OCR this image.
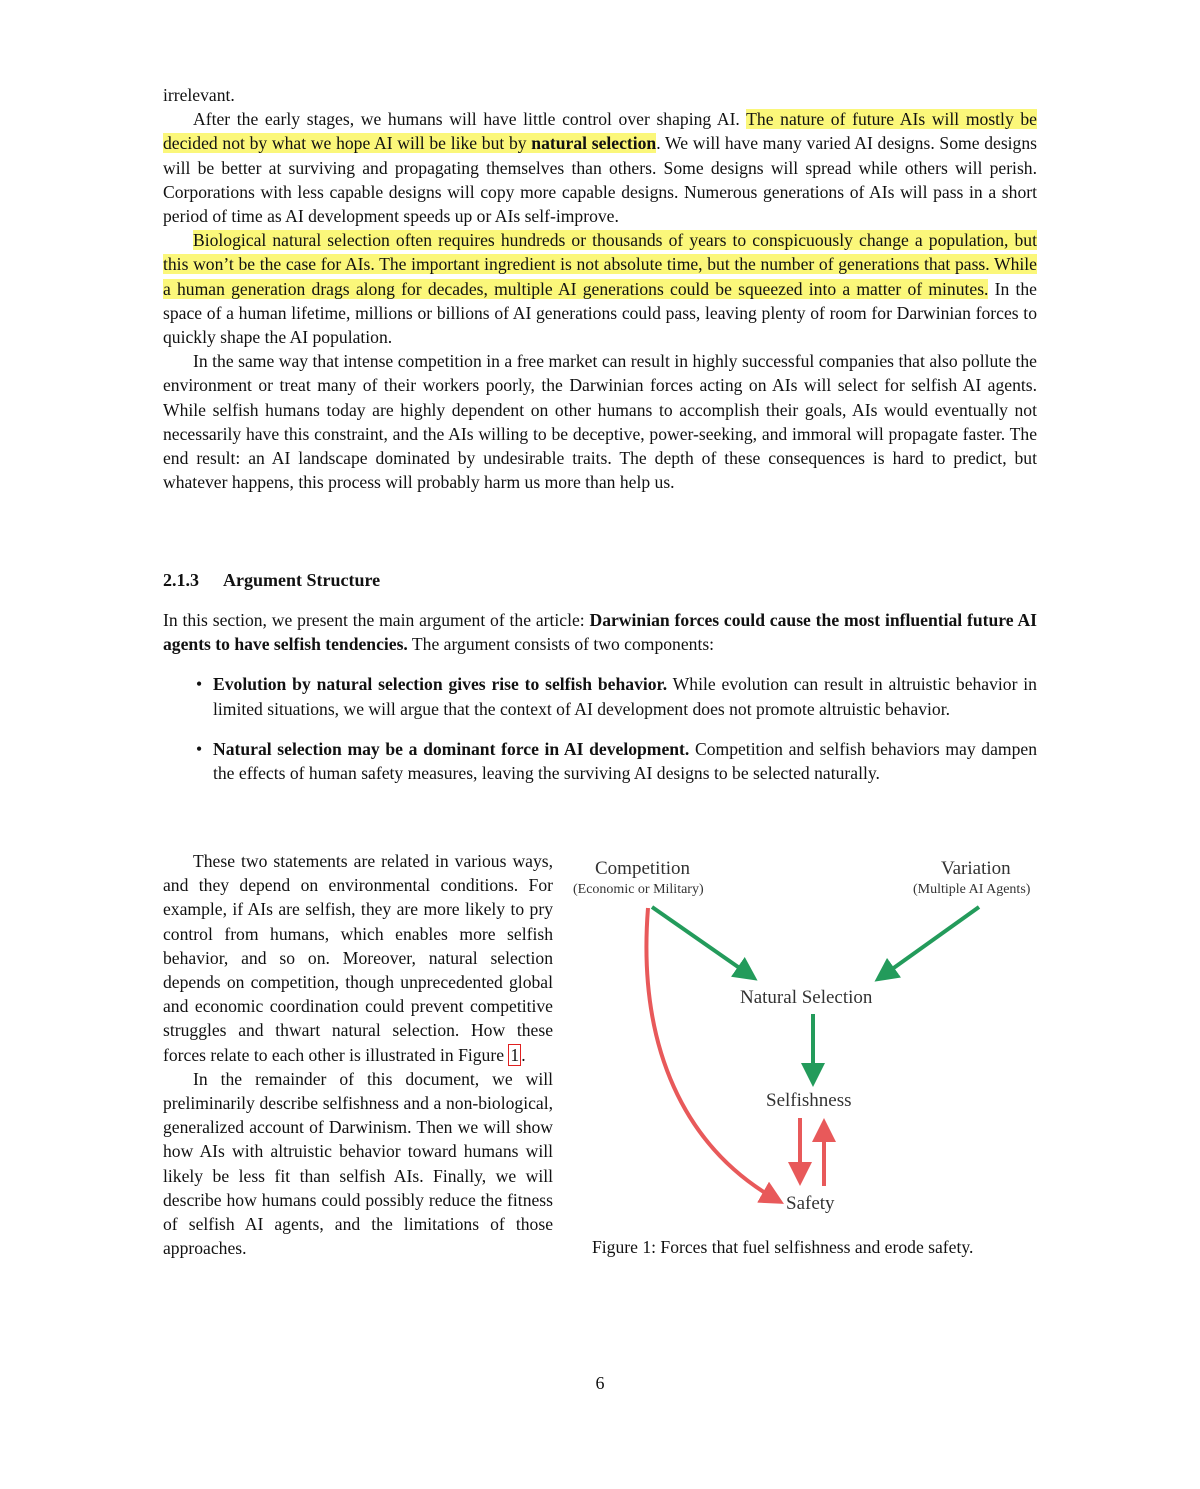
irrelevant.

After the early stages, we humans will have little control over shaping AI. The nature of future AIs will mostly be decided not by what we hope AI will be like but by natural selection. We will have many varied AI designs. Some designs will be better at surviving and propagating themselves than others. Some designs will spread while others will perish. Corporations with less capable designs will copy more capable designs. Numerous generations of AIs will pass in a short period of time as AI development speeds up or AIs self-improve.

Biological natural selection often requires hundreds or thousands of years to conspicuously change a population, but this won’t be the case for AIs. The important ingredient is not absolute time, but the number of generations that pass. While a human generation drags along for decades, multiple AI generations could be squeezed into a matter of minutes. In the space of a human lifetime, millions or billions of AI generations could pass, leaving plenty of room for Darwinian forces to quickly shape the AI population.

In the same way that intense competition in a free market can result in highly successful companies that also pollute the environment or treat many of their workers poorly, the Darwinian forces acting on AIs will select for selfish AI agents. While selfish humans today are highly dependent on other humans to accomplish their goals, AIs would eventually not necessarily have this constraint, and the AIs willing to be deceptive, power-seeking, and immoral will propagate faster. The end result: an AI landscape dominated by undesirable traits. The depth of these consequences is hard to predict, but whatever happens, this process will probably harm us more than help us.

2.1.3 Argument Structure

In this section, we present the main argument of the article: Darwinian forces could cause the most influential future AI agents to have selfish tendencies. The argument consists of two components:

• Evolution by natural selection gives rise to selfish behavior. While evolution can result in altruistic behavior in limited situations, we will argue that the context of AI development does not promote altruistic behavior.
• Natural selection may be a dominant force in AI development. Competition and selfish behaviors may dampen the effects of human safety measures, leaving the surviving AI designs to be selected naturally.

These two statements are related in various ways, and they depend on environmental conditions. For example, if AIs are selfish, they are more likely to pry control from humans, which enables more selfish behavior, and so on. Moreover, natural selection depends on competition, though unprecedented global and economic coordination could prevent competitive struggles and thwart natural selection. How these forces relate to each other is illustrated in Figure 1 .

In the remainder of this document, we will preliminarily describe selfishness and a non-biological, generalized account of Darwinism. Then we will show how AIs with altruistic behavior toward humans will likely be less fit than selfish AIs. Finally, we will describe how humans could possibly reduce the fitness of selfish AI agents, and the limitations of those approaches.

Competition
(Economic or Military)
Variation
(Multiple AI Agents)
Natural Selection
Selfishness
Safety
Figure 1: Forces that fuel selfishness and erode safety.
6
